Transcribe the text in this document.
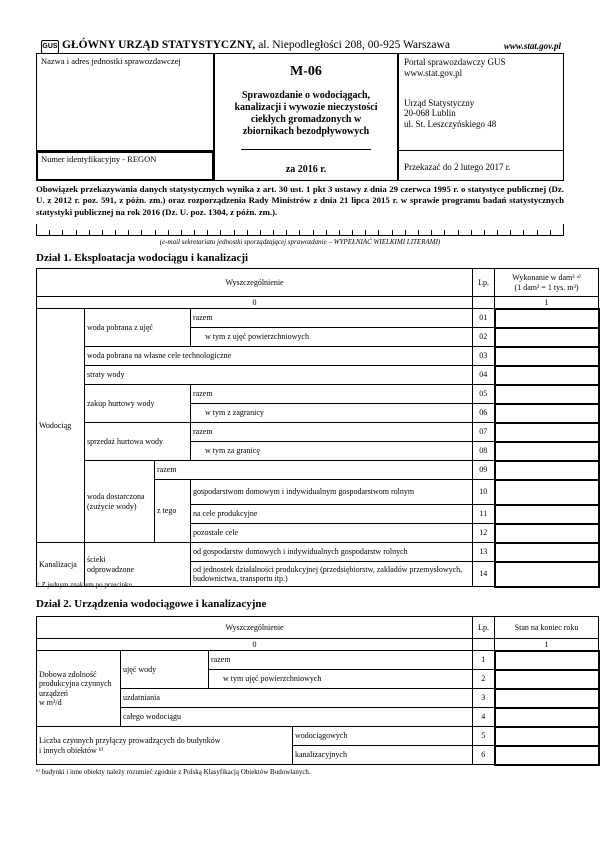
GUS GŁÓWNY URZĄD STATYSTYCZNY, al. Niepodległości 208, 00-925 Warszawa	www.stat.gov.pl
Nazwa i adres jednostki sprawozdawczej
Numer identyfikacyjny - REGON
M-06
Sprawozdanie o wodociągach, kanalizacji i wywozie nieczystości ciekłych gromadzonych w zbiornikach bezodpływowych
za 2016 r.
Portal sprawozdawczy GUS
www.stat.gov.pl
Urząd Statystyczny
20-068 Lublin
ul. St. Leszczyńskiego 48
Przekazać do 2 lutego 2017 r.
Obowiązek przekazywania danych statystycznych wynika z art. 30 ust. 1 pkt 3 ustawy z dnia 29 czerwca 1995 r. o statystyce publicznej (Dz. U. z 2012 r. poz. 591, z późn. zm.) oraz rozporządzenia Rady Ministrów z dnia 21 lipca 2015 r. w sprawie programu badań statystycznych statystyki publicznej na rok 2016 (Dz. U. poz. 1304, z późn. zm.).
(e-mail sekretariatu jednostki sporządzającej sprawozdanie – WYPEŁNIAĆ WIELKIMI LITERAMI)
Dział 1. Eksploatacja wodociągu i kanalizacji
Wyszczególnienie				Lp.	Wykonanie w dam³ ᵃ⁾
(1 dam³ = 1 tys. m³)

0					1
Wodociąg	woda pobrana z ujęć		razem	01	
			w tym z ujęć powierzchniowych	02	
	woda pobrana na własne cele technologiczne			03	
	straty wody			04	
	zakup hurtowy wody		razem	05	
			w tym z zagranicy	06	
	sprzedaż hurtowa wody		razem	07	
			w tym za granicę	08	

	woda dostarczona
(zużycie wody)	razem		09	
		z tego	gospodarstwom domowym i indywidualnym gospodarstwom rolnym	10	
			na cele produkcyjne	11	
			pozostałe cele	12	
Kanalizacja	ścieki
odprowadzone		od gospodarstw domowych i indywidualnych gospodarstw rolnych	13	
			od jednostek działalności produkcyjnej (przedsiębiorstw, zakładów przemysłowych, budownictwa, transportu itp.)	14	
ᵃ⁾ Z jednym znakiem po przecinku.
Dział 2. Urządzenia wodociągowe i kanalizacyjne
Wyszczególnienie				Lp.	Stan na koniec roku
0					1

Dobowa zdolność produkcyjna czynnych urządzeń
w m³/d	ujęć wody	razem		1	
		w tym ujęć powierzchniowych		2	
	uzdatniania			3	
	całego wodociągu			4	

Liczba czynnych przyłączy prowadzących do budynków
i innych obiektów ᵇ⁾			wodociągowych	5	
			kanalizacyjnych	6	
ᵇ⁾ budynki i inne obiekty należy rozumieć zgodnie z Polską Klasyfikacją Obiektów Budowlanych.
